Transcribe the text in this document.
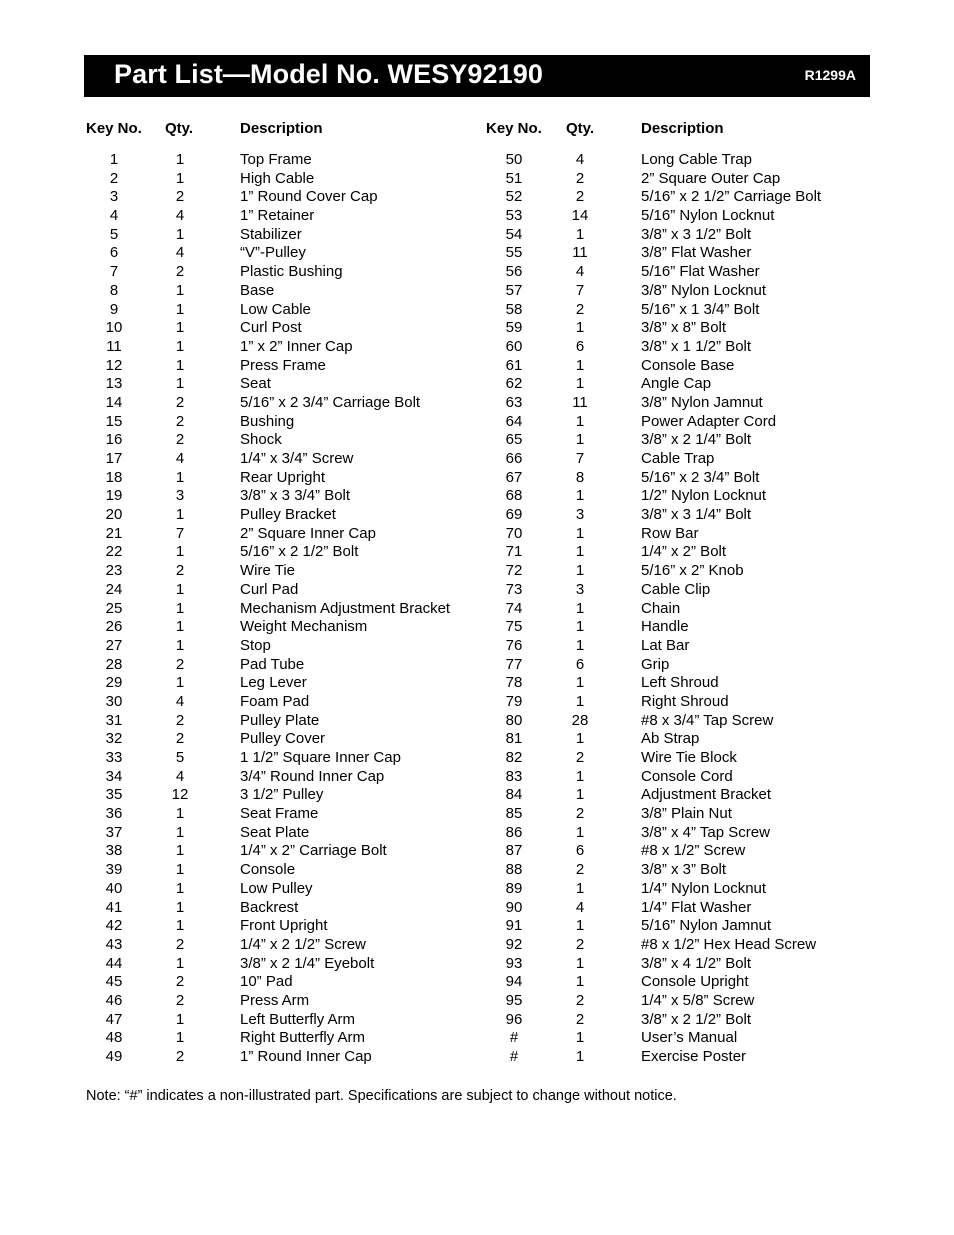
Part List—Model No. WESY92190	R1299A
Key No. Qty.	Description	Key No. Qty.	Description
1	1	Top Frame
2	1	High Cable
3	2	1” Round Cover Cap
4	4	1” Retainer
5	1	Stabilizer
6	4	“V”-Pulley
7	2	Plastic Bushing
8	1	Base
9	1	Low Cable
10	1	Curl Post
11	1	1” x 2” Inner Cap
12	1	Press Frame
13	1	Seat
14	2	5/16” x 2 3/4” Carriage Bolt
15	2	Bushing
16	2	Shock
17	4	1/4” x 3/4” Screw
18	1	Rear Upright
19	3	3/8” x 3 3/4” Bolt
20	1	Pulley Bracket
21	7	2” Square Inner Cap
22	1	5/16” x 2 1/2” Bolt
23	2	Wire Tie
24	1	Curl Pad
25	1	Mechanism Adjustment Bracket
26	1	Weight Mechanism
27	1	Stop
28	2	Pad Tube
29	1	Leg Lever
30	4	Foam Pad
31	2	Pulley Plate
32	2	Pulley Cover
33	5	1 1/2” Square Inner Cap
34	4	3/4” Round Inner Cap
35	12	3 1/2” Pulley
36	1	Seat Frame
37	1	Seat Plate
38	1	1/4” x 2” Carriage Bolt
39	1	Console
40	1	Low Pulley
41	1	Backrest
42	1	Front Upright
43	2	1/4” x 2 1/2” Screw
44	1	3/8” x 2 1/4” Eyebolt
45	2	10” Pad
46	2	Press Arm
47	1	Left Butterfly Arm
48	1	Right Butterfly Arm
49	2	1” Round Inner Cap
50	4	Long Cable Trap
51	2	2” Square Outer Cap
52	2	5/16” x 2 1/2” Carriage Bolt
53	14	5/16” Nylon Locknut
54	1	3/8” x 3 1/2” Bolt
55	11	3/8” Flat Washer
56	4	5/16” Flat Washer
57	7	3/8” Nylon Locknut
58	2	5/16” x 1 3/4” Bolt
59	1	3/8” x 8” Bolt
60	6	3/8” x 1 1/2” Bolt
61	1	Console Base
62	1	Angle Cap
63	11	3/8” Nylon Jamnut
64	1	Power Adapter Cord
65	1	3/8” x 2 1/4” Bolt
66	7	Cable Trap
67	8	5/16” x 2 3/4” Bolt
68	1	1/2” Nylon Locknut
69	3	3/8” x 3 1/4” Bolt
70	1	Row Bar
71	1	1/4” x 2” Bolt
72	1	5/16” x 2” Knob
73	3	Cable Clip
74	1	Chain
75	1	Handle
76	1	Lat Bar
77	6	Grip
78	1	Left Shroud
79	1	Right Shroud
80	28	#8 x 3/4” Tap Screw
81	1	Ab Strap
82	2	Wire Tie Block
83	1	Console Cord
84	1	Adjustment Bracket
85	2	3/8” Plain Nut
86	1	3/8” x 4” Tap Screw
87	6	#8 x 1/2” Screw
88	2	3/8” x 3” Bolt
89	1	1/4” Nylon Locknut
90	4	1/4” Flat Washer
91	1	5/16” Nylon Jamnut
92	2	#8 x 1/2” Hex Head Screw
93	1	3/8” x 4 1/2” Bolt
94	1	Console Upright
95	2	1/4” x 5/8” Screw
96	2	3/8” x 2 1/2” Bolt
#	1	User’s Manual
#	1	Exercise Poster
Note: “#” indicates a non-illustrated part. Specifications are subject to change without notice.
